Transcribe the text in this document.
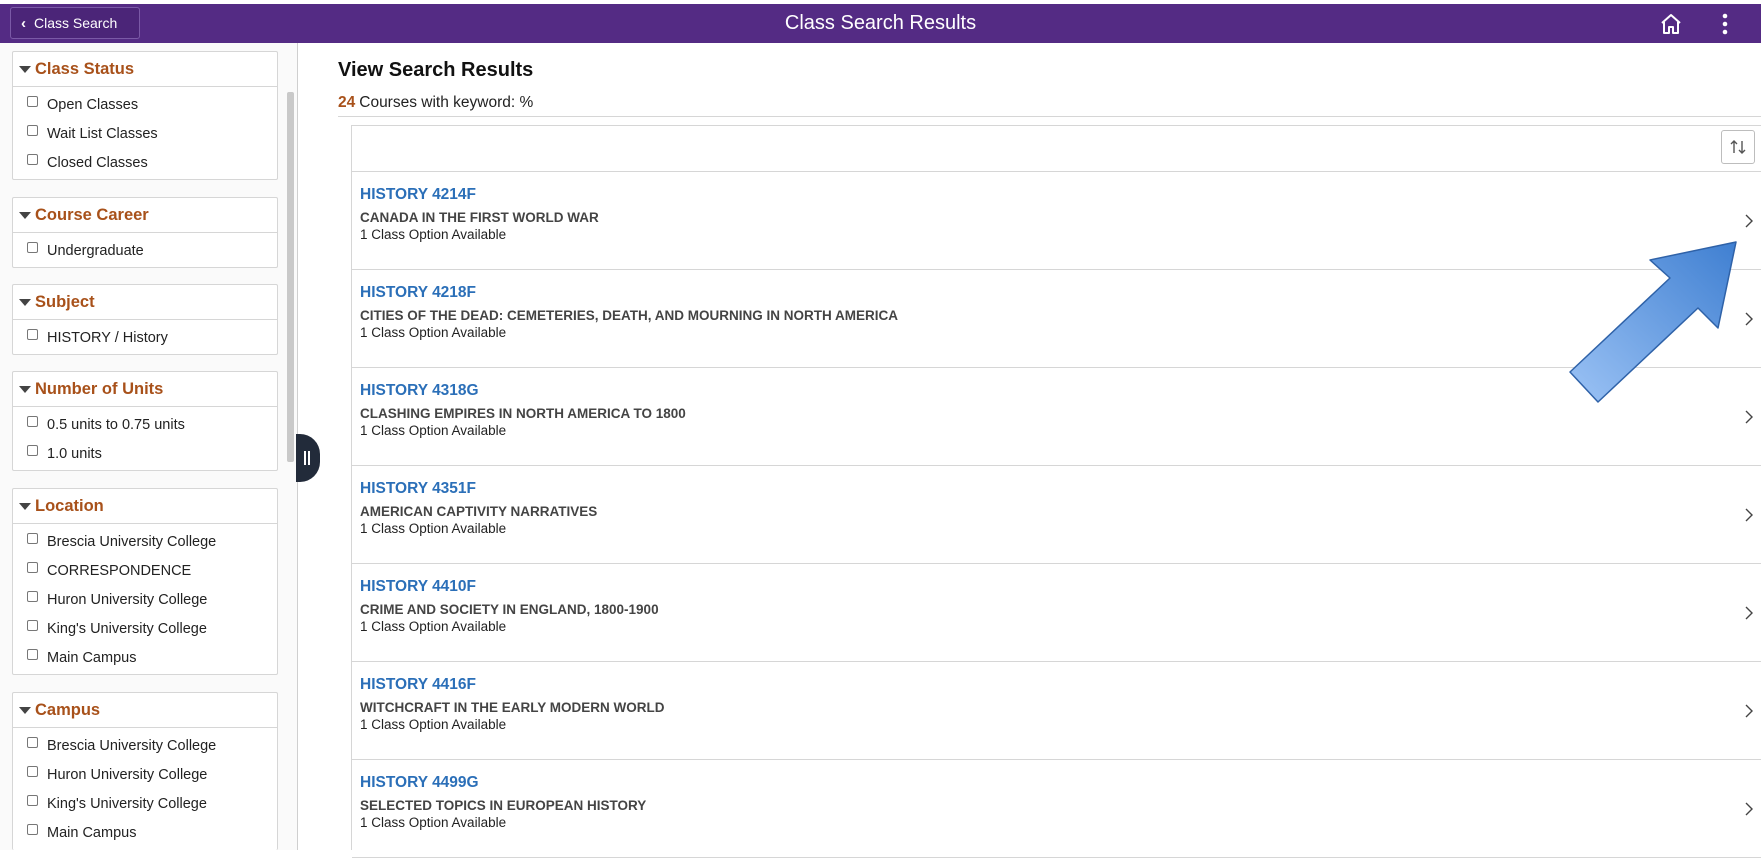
‹ Class Search	Class Search Results
Class Status
Open Classes
Wait List Classes
Closed Classes
Course Career
Undergraduate
Subject
HISTORY / History
Number of Units
0.5 units to 0.75 units
1.0 units
Location
Brescia University College
CORRESPONDENCE
Huron University College
King's University College
Main Campus
Campus
Brescia University College
Huron University College
King's University College
Main Campus
View Search Results
24 Courses with keyword: %
HISTORY 4214F
CANADA IN THE FIRST WORLD WAR
1 Class Option Available
HISTORY 4218F
CITIES OF THE DEAD: CEMETERIES, DEATH, AND MOURNING IN NORTH AMERICA
1 Class Option Available
HISTORY 4318G
CLASHING EMPIRES IN NORTH AMERICA TO 1800
1 Class Option Available
HISTORY 4351F
AMERICAN CAPTIVITY NARRATIVES
1 Class Option Available
HISTORY 4410F
CRIME AND SOCIETY IN ENGLAND, 1800-1900
1 Class Option Available
HISTORY 4416F
WITCHCRAFT IN THE EARLY MODERN WORLD
1 Class Option Available
HISTORY 4499G
SELECTED TOPICS IN EUROPEAN HISTORY
1 Class Option Available
